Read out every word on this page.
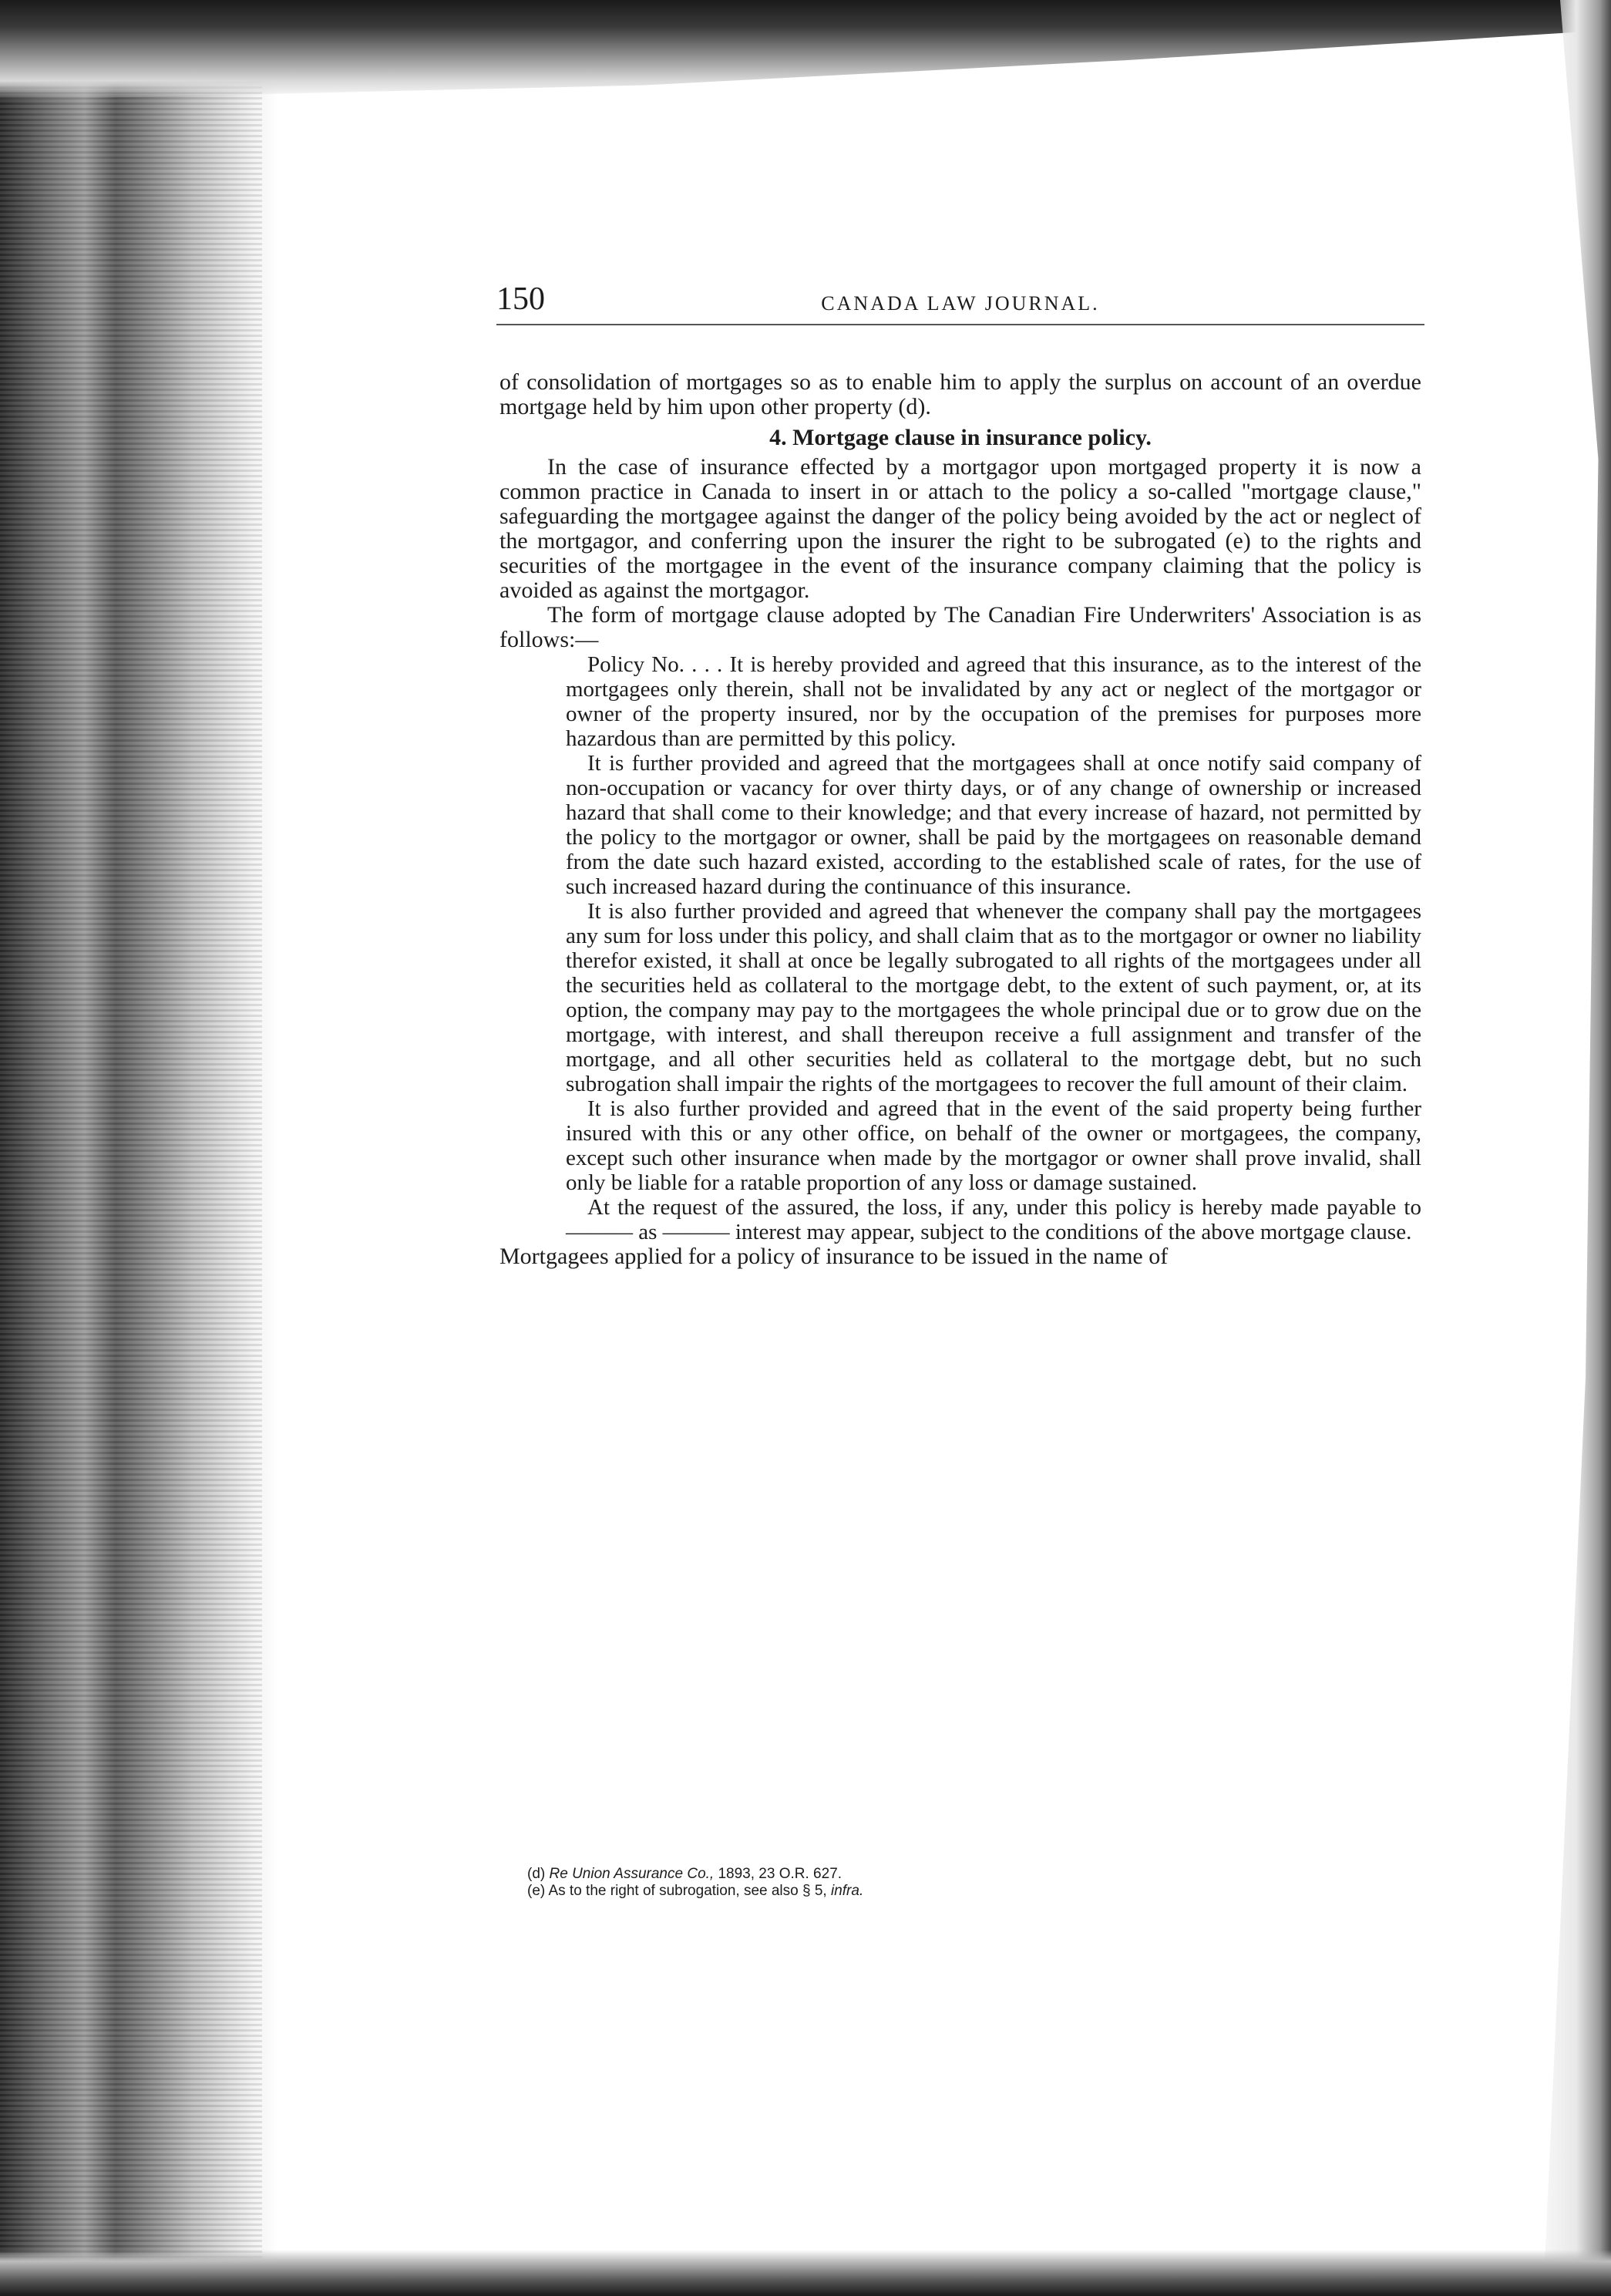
150	CANADA LAW JOURNAL.

of consolidation of mortgages so as to enable him to apply the surplus on account of an overdue mortgage held by him upon other property (d).

4. Mortgage clause in insurance policy.

In the case of insurance effected by a mortgagor upon mortgaged property it is now a common practice in Canada to insert in or attach to the policy a so-called "mortgage clause," safeguarding the mortgagee against the danger of the policy being avoided by the act or neglect of the mortgagor, and conferring upon the insurer the right to be subrogated (e) to the rights and securities of the mortgagee in the event of the insurance company claiming that the policy is avoided as against the mortgagor.

The form of mortgage clause adopted by The Canadian Fire Underwriters' Association is as follows:—

Policy No. . . . It is hereby provided and agreed that this insurance, as to the interest of the mortgagees only therein, shall not be invalidated by any act or neglect of the mortgagor or owner of the property insured, nor by the occupation of the premises for purposes more hazardous than are permitted by this policy.

It is further provided and agreed that the mortgagees shall at once notify said company of non-occupation or vacancy for over thirty days, or of any change of ownership or increased hazard that shall come to their knowledge; and that every increase of hazard, not permitted by the policy to the mortgagor or owner, shall be paid by the mortgagees on reasonable demand from the date such hazard existed, according to the established scale of rates, for the use of such increased hazard during the continuance of this insurance.

It is also further provided and agreed that whenever the company shall pay the mortgagees any sum for loss under this policy, and shall claim that as to the mortgagor or owner no liability therefor existed, it shall at once be legally subrogated to all rights of the mortgagees under all the securities held as collateral to the mortgage debt, to the extent of such payment, or, at its option, the company may pay to the mortgagees the whole principal due or to grow due on the mortgage, with interest, and shall thereupon receive a full assignment and transfer of the mortgage, and all other securities held as collateral to the mortgage debt, but no such subrogation shall impair the rights of the mortgagees to recover the full amount of their claim.

It is also further provided and agreed that in the event of the said property being further insured with this or any other office, on behalf of the owner or mortgagees, the company, except such other insurance when made by the mortgagor or owner shall prove invalid, shall only be liable for a ratable proportion of any loss or damage sustained.

At the request of the assured, the loss, if any, under this policy is hereby made payable to ——— as ——— interest may appear, subject to the conditions of the above mortgage clause.

Mortgagees applied for a policy of insurance to be issued in the name of

(d) Re Union Assurance Co., 1893, 23 O.R. 627.

(e) As to the right of subrogation, see also § 5, infra.
